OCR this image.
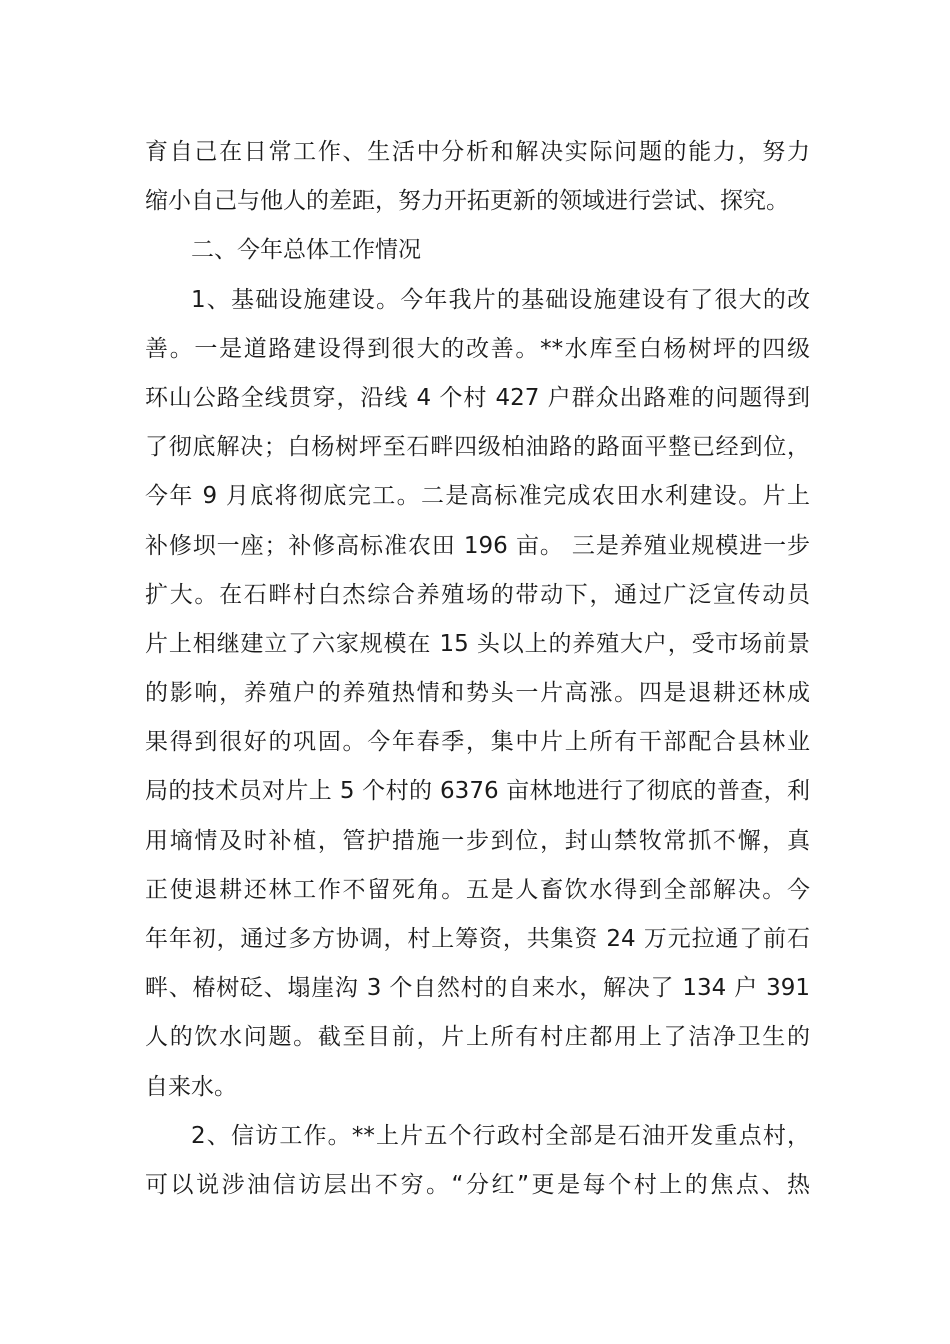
育自己在日常工作、生活中分析和解决实际问题的能力，努力
缩小自己与他人的差距，努力开拓更新的领域进行尝试、探究。
二、今年总体工作情况
1、基础设施建设。今年我片的基础设施建设有了很大的改
善。一是道路建设得到很大的改善。**水库至白杨树坪的四级
环山公路全线贯穿，沿线 4 个村 427 户群众出路难的问题得到
了彻底解决；白杨树坪至石畔四级柏油路的路面平整已经到位，
今年 9 月底将彻底完工。二是高标准完成农田水利建设。片上
补修坝一座；补修高标准农田 196 亩。 三是养殖业规模进一步
扩大。在石畔村白杰综合养殖场的带动下，通过广泛宣传动员
片上相继建立了六家规模在 15 头以上的养殖大户，受市场前景
的影响，养殖户的养殖热情和势头一片高涨。四是退耕还林成
果得到很好的巩固。今年春季，集中片上所有干部配合县林业
局的技术员对片上 5 个村的 6376 亩林地进行了彻底的普查，利
用墒情及时补植，管护措施一步到位，封山禁牧常抓不懈，真
正使退耕还林工作不留死角。五是人畜饮水得到全部解决。今
年年初，通过多方协调，村上筹资，共集资 24 万元拉通了前石
畔、椿树砭、塌崖沟 3 个自然村的自来水，解决了 134 户 391
人的饮水问题。截至目前，片上所有村庄都用上了洁净卫生的
自来水。
2、信访工作。**上片五个行政村全部是石油开发重点村，
可以说涉油信访层出不穷。“分红”更是每个村上的焦点、热
